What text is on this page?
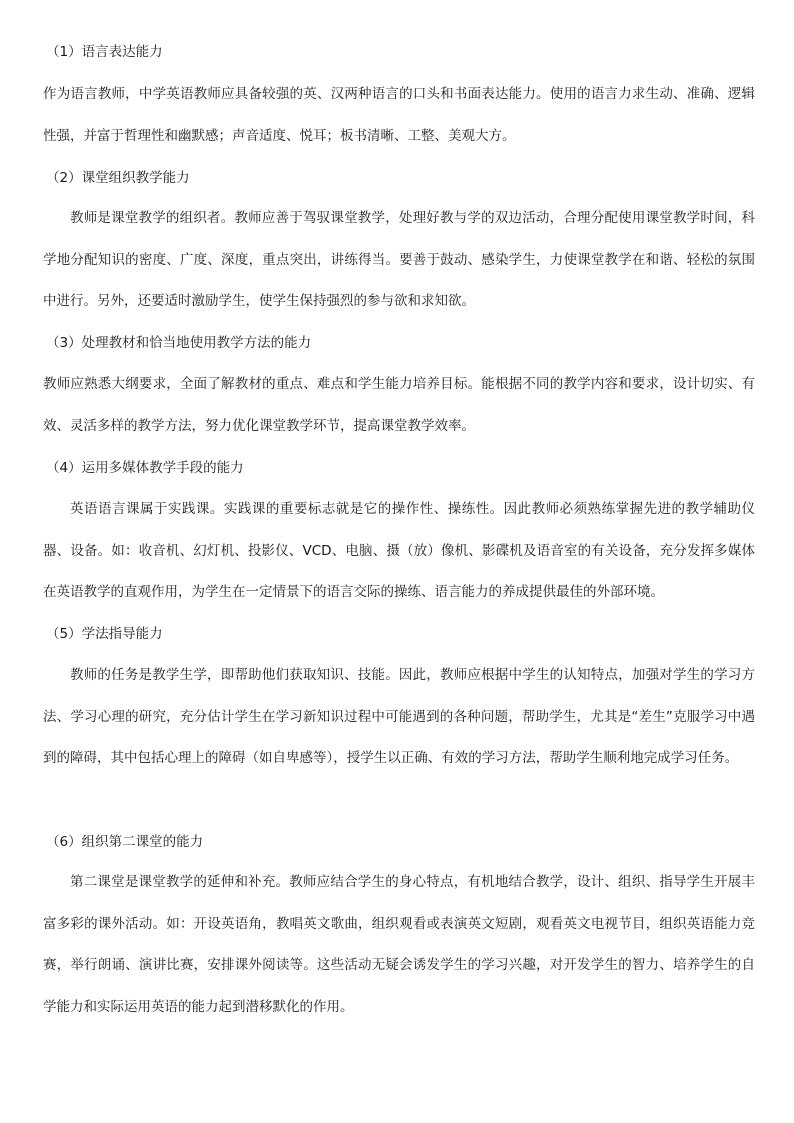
（1）语言表达能力

作为语言教师，中学英语教师应具备较强的英、汉两种语言的口头和书面表达能力。使用的语言力求生动、准确、逻辑性强，并富于哲理性和幽默感；声音适度、悦耳；板书清晰、工整、美观大方。

（2）课堂组织教学能力

教师是课堂教学的组织者。教师应善于驾驭课堂教学，处理好教与学的双边活动，合理分配使用课堂教学时间，科学地分配知识的密度、广度、深度，重点突出，讲练得当。要善于鼓动、感染学生，力使课堂教学在和谐、轻松的氛围中进行。另外，还要适时激励学生，使学生保持强烈的参与欲和求知欲。

（3）处理教材和恰当地使用教学方法的能力

教师应熟悉大纲要求，全面了解教材的重点、难点和学生能力培养目标。能根据不同的教学内容和要求，设计切实、有效、灵活多样的教学方法，努力优化课堂教学环节，提高课堂教学效率。

（4）运用多媒体教学手段的能力

英语语言课属于实践课。实践课的重要标志就是它的操作性、操练性。因此教师必须熟练掌握先进的教学辅助仪器、设备。如：收音机、幻灯机、投影仪、VCD、电脑、摄（放）像机、影碟机及语音室的有关设备，充分发挥多媒体在英语教学的直观作用，为学生在一定情景下的语言交际的操练、语言能力的养成提供最佳的外部环境。

（5）学法指导能力

教师的任务是教学生学，即帮助他们获取知识、技能。因此，教师应根据中学生的认知特点，加强对学生的学习方法、学习心理的研究，充分估计学生在学习新知识过程中可能遇到的各种问题，帮助学生，尤其是“差生”克服学习中遇到的障碍，其中包括心理上的障碍（如自卑感等），授学生以正确、有效的学习方法，帮助学生顺利地完成学习任务。

（6）组织第二课堂的能力

第二课堂是课堂教学的延伸和补充。教师应结合学生的身心特点，有机地结合教学，设计、组织、指导学生开展丰富多彩的课外活动。如：开设英语角，教唱英文歌曲，组织观看或表演英文短剧，观看英文电视节目，组织英语能力竞赛，举行朗诵、演讲比赛，安排课外阅读等。这些活动无疑会诱发学生的学习兴趣，对开发学生的智力、培养学生的自学能力和实际运用英语的能力起到潜移默化的作用。
